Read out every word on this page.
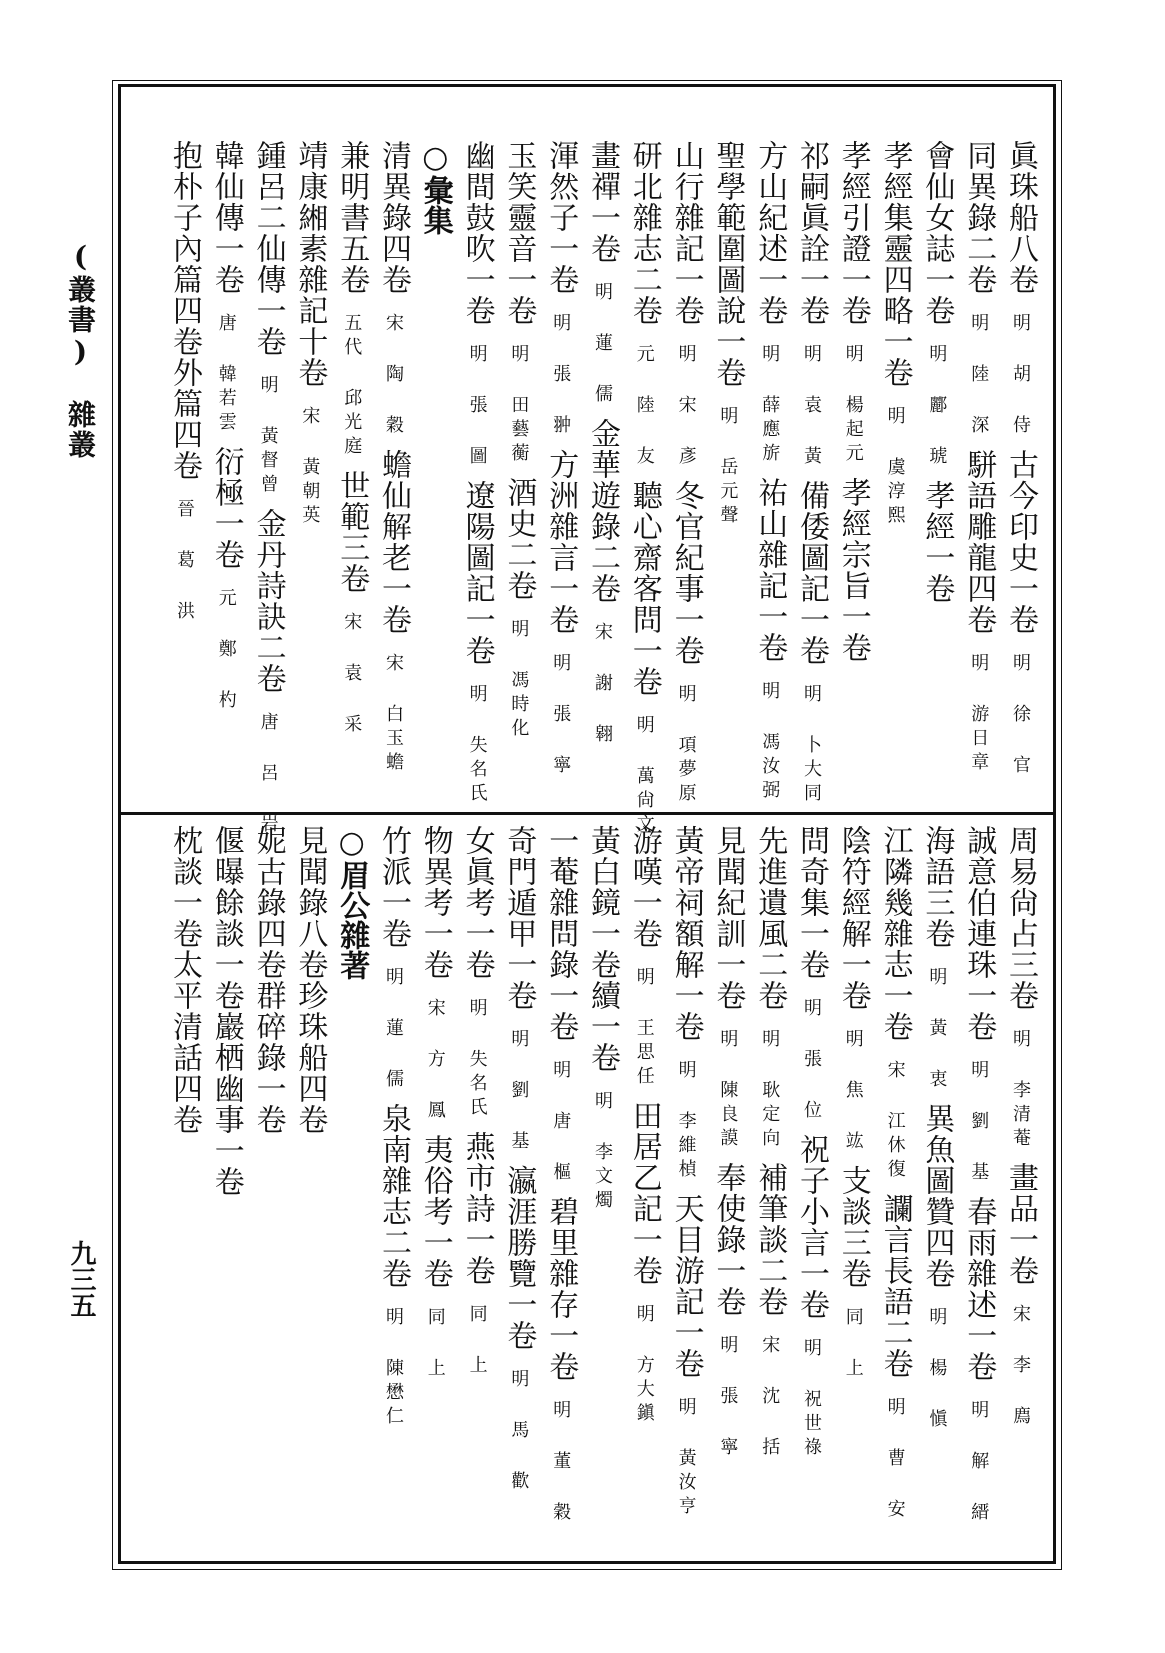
(叢書)　雜叢
九三五
眞珠船八卷明 胡 侍古今印史一卷明 徐 官
同異錄二卷明 陸 深駢語雕龍四卷明 游日章
會仙女誌一卷明 酈 琥孝經一卷
孝經集靈四略一卷明 虞淳熙
孝經引證一卷明 楊起元孝經宗旨一卷
祁嗣眞詮一卷明 袁 黃備倭圖記一卷明 卜大同
方山紀述一卷明 薛應旂祐山雜記一卷明 馮汝弼
聖學範圍圖說一卷明 岳元聲
山行雜記一卷明 宋 彥冬官紀事一卷明 項夢原
研北雜志二卷元 陸 友聽心齋客問一卷明 萬尙文
畫禪一卷明 蓮 儒金華遊錄二卷宋 謝 翱
渾然子一卷明 張 翀方洲雜言一卷明 張 寧
玉笑靈音一卷明 田藝蘅酒史二卷明 馮時化
幽間鼓吹一卷明 張 圖遼陽圖記一卷明 失名氏
○彙集
清異錄四卷宋 陶 穀蟾仙解老一卷宋 白玉蟾
兼明書五卷五代 邱光庭世範三卷宋 袁 采
靖康緗素雜記十卷宋 黃朝英
鍾呂二仙傳一卷明 黃督曾金丹詩訣二卷唐 呂 岩
韓仙傳一卷唐 韓若雲衍極一卷元 鄭 杓
抱朴子內篇四卷外篇四卷晉 葛 洪
周易尙占三卷明 李清菴畫品一卷宋 李 廌
誠意伯連珠一卷明 劉 基春雨雜述一卷明 解 縉
海語三卷明 黃 衷異魚圖贊四卷明 楊 愼
江隣幾雜志一卷宋 江休復讕言長語二卷明 曹 安
陰符經解一卷明 焦 竑支談三卷同 上
問奇集一卷明 張 位祝子小言一卷明 祝世祿
先進遺風二卷明 耿定向補筆談二卷宋 沈 括
見聞紀訓一卷明 陳良謨奉使錄一卷明 張 寧
黃帝祠額解一卷明 李維楨天目游記一卷明 黃汝亨
游嘆一卷明 王思任田居乙記一卷明 方大鎭
黃白鏡一卷續一卷明 李文燭
一菴雜問錄一卷明 唐 樞碧里雜存一卷明 董 穀
奇門遁甲一卷明 劉 基瀛涯勝覽一卷明 馬 歡
女眞考一卷明 失名氏燕市詩一卷同 上
物異考一卷宋 方 鳳夷俗考一卷同 上
竹派一卷明 蓮 儒泉南雜志二卷明 陳懋仁
○眉公雜著
見聞錄八卷珍珠船四卷
妮古錄四卷群碎錄一卷
偃曝餘談一卷巖栖幽事一卷
枕談一卷太平清話四卷
